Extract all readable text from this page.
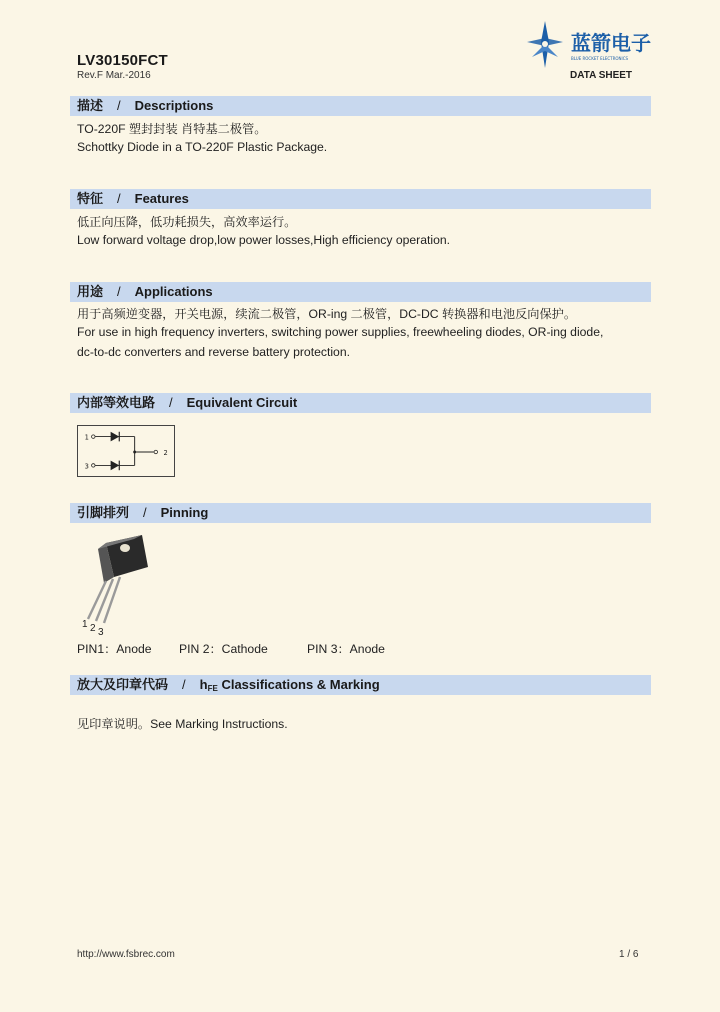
LV30150FCT
Rev.F Mar.-2016
蓝箭电子
BLUE ROCKET ELECTRONICS
DATA SHEET
描述 / Descriptions
TO-220F 塑封封装 肖特基二极管。
Schottky Diode in a TO-220F Plastic Package.
特征 / Features
低正向压降，低功耗损失，高效率运行。
Low forward voltage drop,low power losses,High efficiency operation.
用途 / Applications
用于高频逆变器，开关电源，续流二极管，OR-ing 二极管，DC-DC 转换器和电池反向保护。
For use in high frequency inverters, switching power supplies, freewheeling diodes, OR-ing diode,
dc-to-dc converters and reverse battery protection.
内部等效电路 / Equivalent Circuit
1
3
2
引脚排列 / Pinning
1 2 3
PIN1：Anode PIN 2：Cathode	PIN 3：Anode
放大及印章代码 / $h_{FE}$ Classifications & Marking
见印章说明。See Marking Instructions.
http://www.fsbrec.com	1 / 6
